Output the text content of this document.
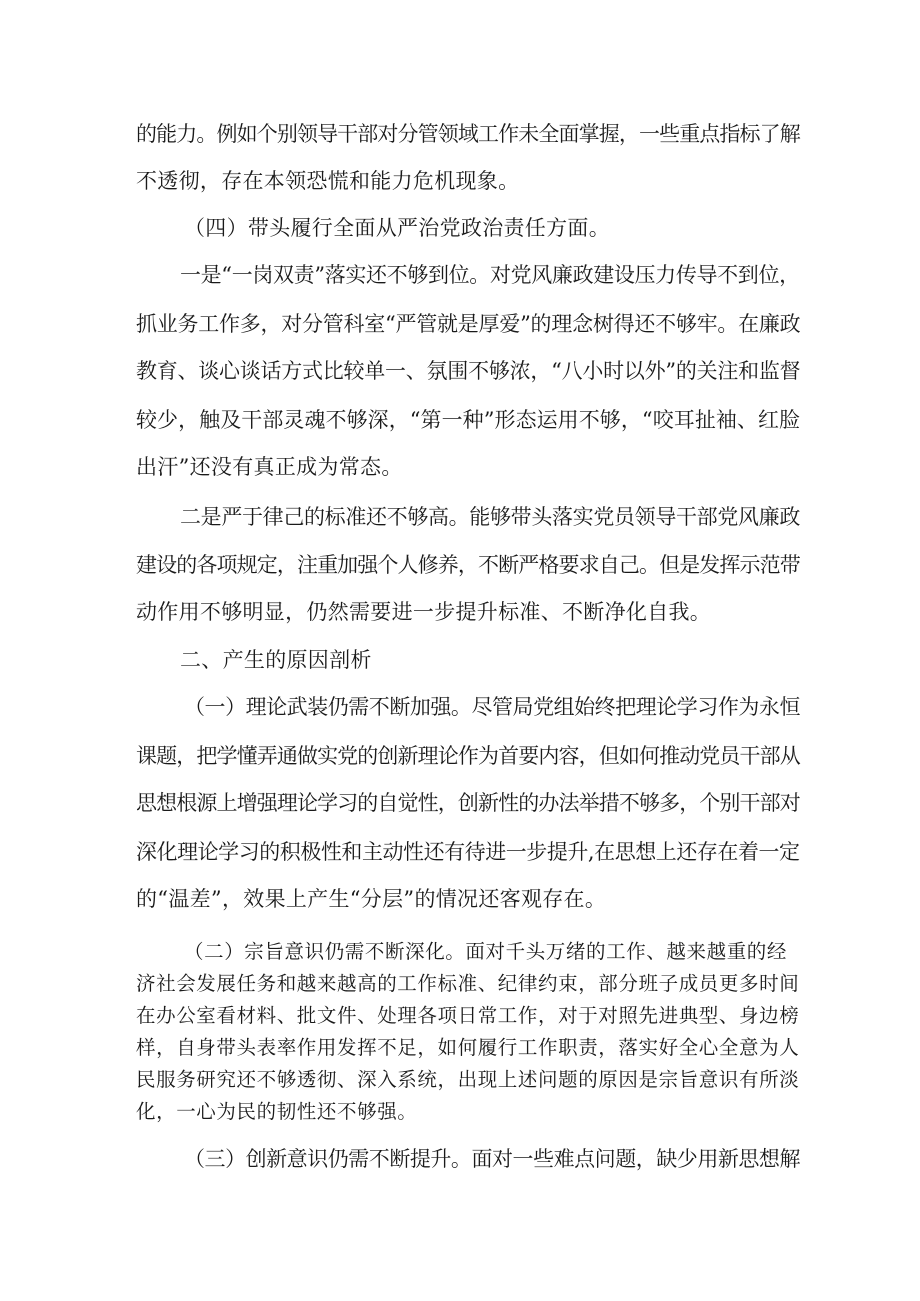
的能力。例如个别领导干部对分管领域工作未全面掌握，一些重点指标了解
不透彻，存在本领恐慌和能力危机现象。
（四）带头履行全面从严治党政治责任方面。
一是“一岗双责”落实还不够到位。对党风廉政建设压力传导不到位，
抓业务工作多，对分管科室“严管就是厚爱”的理念树得还不够牢。在廉政
教育、谈心谈话方式比较单一、氛围不够浓，“八小时以外”的关注和监督
较少，触及干部灵魂不够深，“第一种”形态运用不够，“咬耳扯袖、红脸
出汗”还没有真正成为常态。
二是严于律己的标准还不够高。能够带头落实党员领导干部党风廉政
建设的各项规定，注重加强个人修养，不断严格要求自己。但是发挥示范带
动作用不够明显，仍然需要进一步提升标准、不断净化自我。
二、产生的原因剖析
（一）理论武装仍需不断加强。尽管局党组始终把理论学习作为永恒
课题，把学懂弄通做实党的创新理论作为首要内容，但如何推动党员干部从
思想根源上增强理论学习的自觉性，创新性的办法举措不够多，个别干部对
深化理论学习的积极性和主动性还有待进一步提升,在思想上还存在着一定
的“温差”，效果上产生“分层”的情况还客观存在。
（二）宗旨意识仍需不断深化。面对千头万绪的工作、越来越重的经
济社会发展任务和越来越高的工作标准、纪律约束，部分班子成员更多时间
在办公室看材料、批文件、处理各项日常工作，对于对照先进典型、身边榜
样，自身带头表率作用发挥不足，如何履行工作职责，落实好全心全意为人
民服务研究还不够透彻、深入系统，出现上述问题的原因是宗旨意识有所淡
化，一心为民的韧性还不够强。
（三）创新意识仍需不断提升。面对一些难点问题，缺少用新思想解
